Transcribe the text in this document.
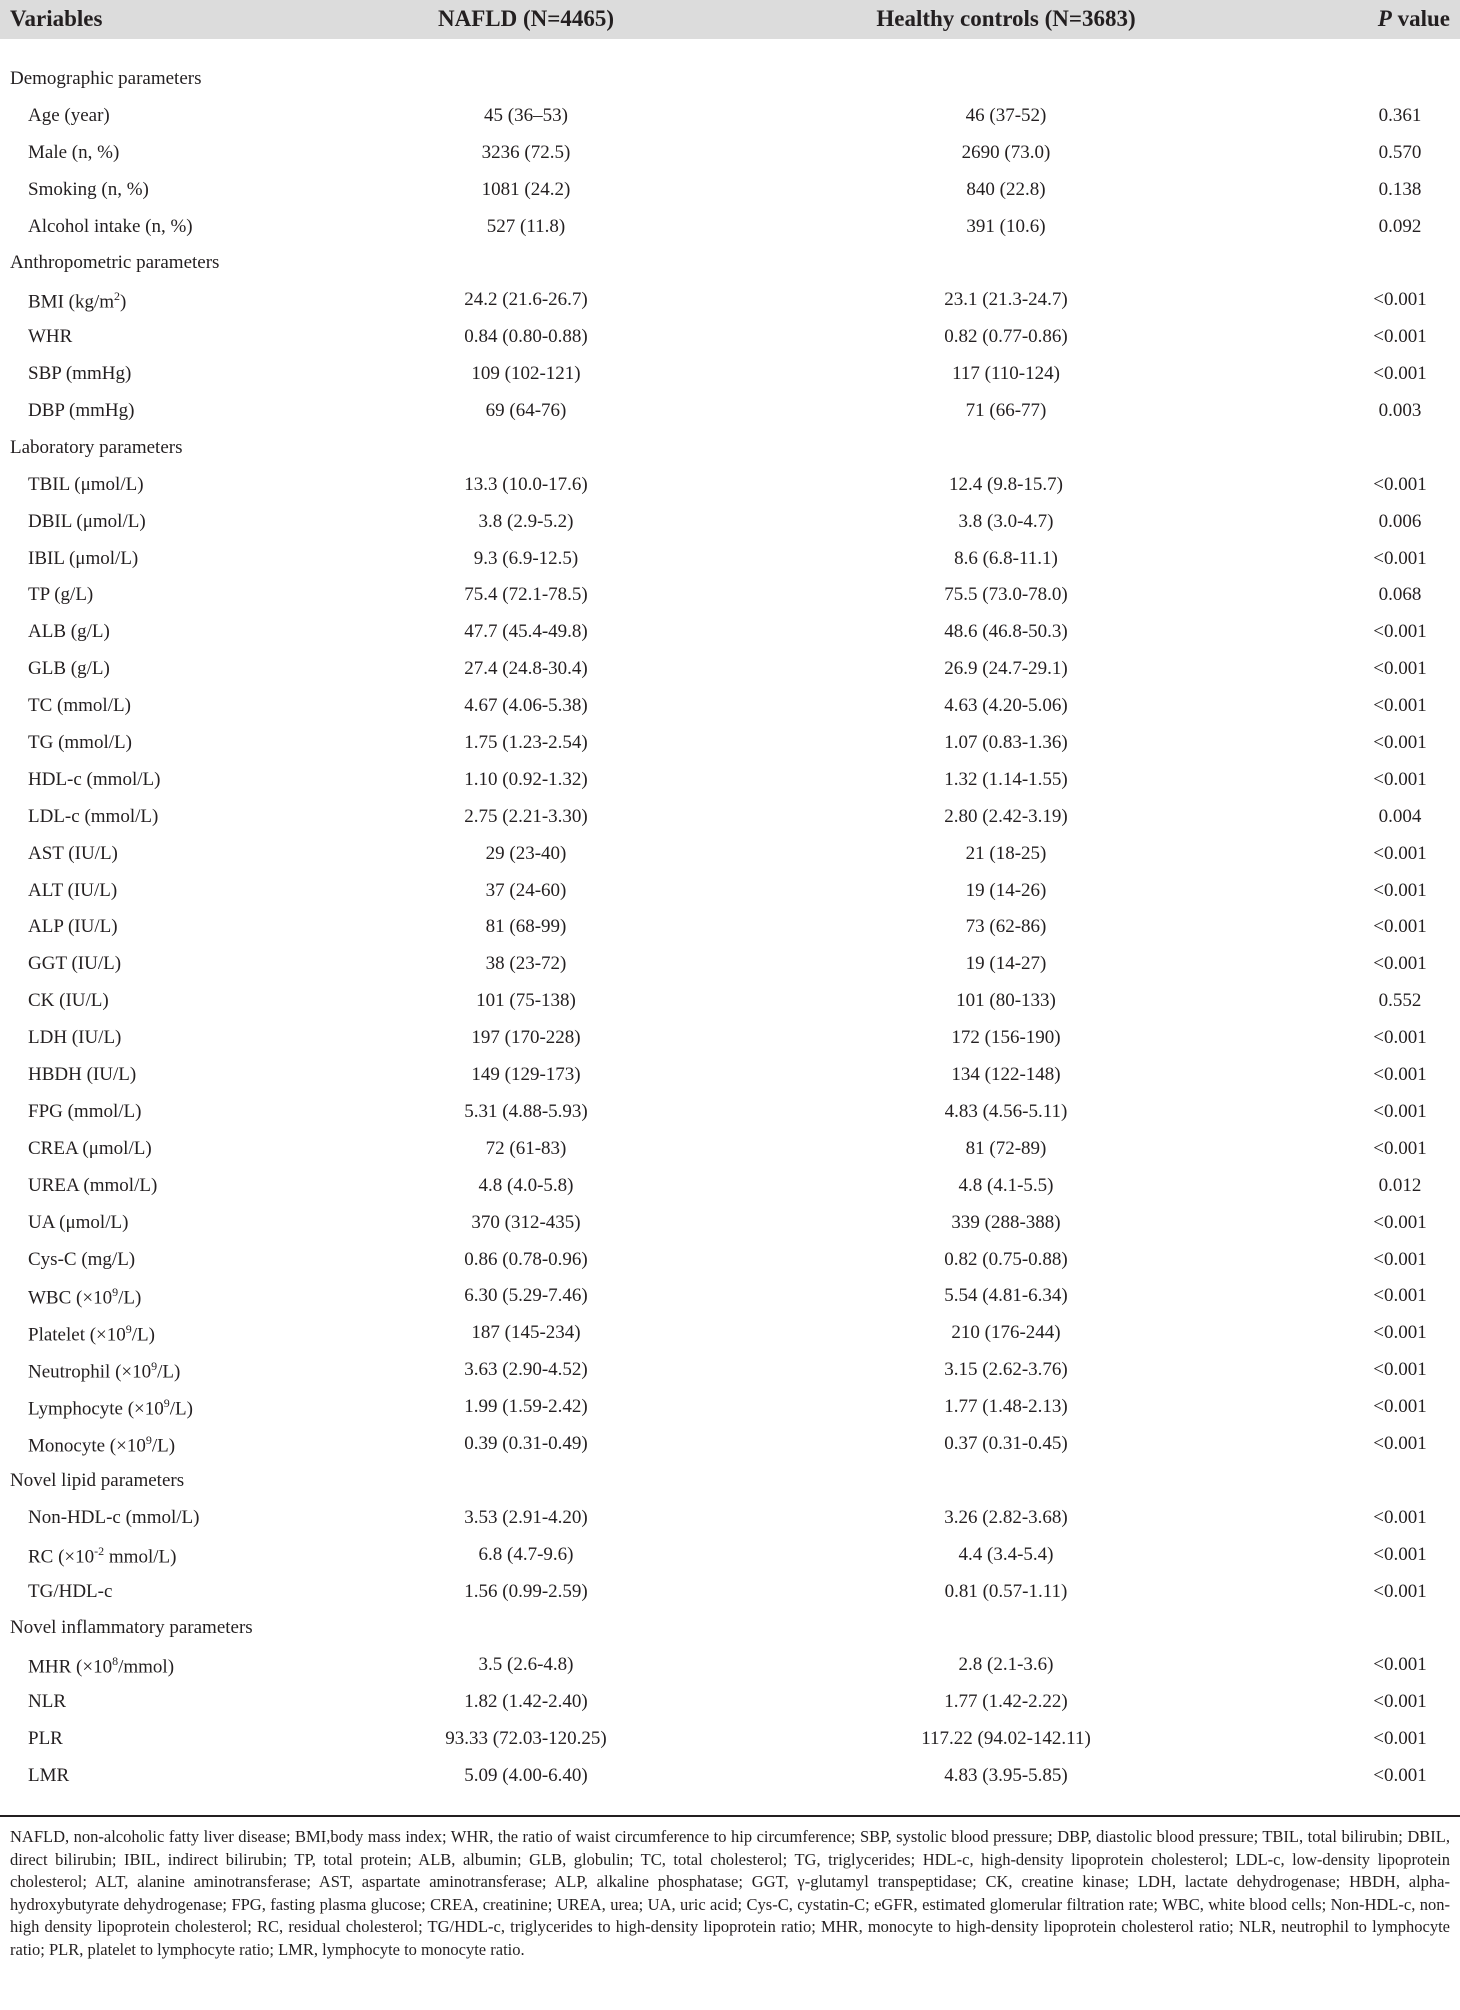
Variables	NAFLD (N=4465)	Healthy controls (N=3683)	P value
Demographic parameters
Age (year)	45 (36–53)	46 (37-52)	0.361
Male (n, %)	3236 (72.5)	2690 (73.0)	0.570
Smoking (n, %)	1081 (24.2)	840 (22.8)	0.138
Alcohol intake (n, %)	527 (11.8)	391 (10.6)	0.092
Anthropometric parameters
BMI $(kg/m^2)$	24.2 (21.6-26.7)	23.1 (21.3-24.7)	<0.001
WHR	0.84 (0.80-0.88)	0.82 (0.77-0.86)	<0.001
SBP (mmHg)	109 (102-121)	117 (110-124)	<0.001
DBP (mmHg)	69 (64-76)	71 (66-77)	0.003
Laboratory parameters
TBIL (μmol/L)	13.3 (10.0-17.6)	12.4 (9.8-15.7)	<0.001
DBIL (μmol/L)	3.8 (2.9-5.2)	3.8 (3.0-4.7)	0.006
IBIL (μmol/L)	9.3 (6.9-12.5)	8.6 (6.8-11.1)	<0.001
TP (g/L)	75.4 (72.1-78.5)	75.5 (73.0-78.0)	0.068
ALB (g/L)	47.7 (45.4-49.8)	48.6 (46.8-50.3)	<0.001
GLB (g/L)	27.4 (24.8-30.4)	26.9 (24.7-29.1)	<0.001
TC (mmol/L)	4.67 (4.06-5.38)	4.63 (4.20-5.06)	<0.001
TG (mmol/L)	1.75 (1.23-2.54)	1.07 (0.83-1.36)	<0.001
HDL-c (mmol/L)	1.10 (0.92-1.32)	1.32 (1.14-1.55)	<0.001
LDL-c (mmol/L)	2.75 (2.21-3.30)	2.80 (2.42-3.19)	0.004
AST (IU/L)	29 (23-40)	21 (18-25)	<0.001
ALT (IU/L)	37 (24-60)	19 (14-26)	<0.001
ALP (IU/L)	81 (68-99)	73 (62-86)	<0.001
GGT (IU/L)	38 (23-72)	19 (14-27)	<0.001
CK (IU/L)	101 (75-138)	101 (80-133)	0.552
LDH (IU/L)	197 (170-228)	172 (156-190)	<0.001
HBDH (IU/L)	149 (129-173)	134 (122-148)	<0.001
FPG (mmol/L)	5.31 (4.88-5.93)	4.83 (4.56-5.11)	<0.001
CREA (μmol/L)	72 (61-83)	81 (72-89)	<0.001
UREA (mmol/L)	4.8 (4.0-5.8)	4.8 (4.1-5.5)	0.012
UA (μmol/L)	370 (312-435)	339 (288-388)	<0.001
Cys-C (mg/L)	0.86 (0.78-0.96)	0.82 (0.75-0.88)	<0.001
WBC $(\times 10^9/L)$	6.30 (5.29-7.46)	5.54 (4.81-6.34)	<0.001
Platelet $(\times 10^9/L)$	187 (145-234)	210 (176-244)	<0.001
Neutrophil $(\times 10^9/L)$	3.63 (2.90-4.52)	3.15 (2.62-3.76)	<0.001
Lymphocyte $(\times 10^9/L)$	1.99 (1.59-2.42)	1.77 (1.48-2.13)	<0.001
Monocyte $(\times 10^9/L)$	0.39 (0.31-0.49)	0.37 (0.31-0.45)	<0.001
Novel lipid parameters
Non-HDL-c (mmol/L)	3.53 (2.91-4.20)	3.26 (2.82-3.68)	<0.001
RC ($\times 10^{-2}$ mmol/L)	6.8 (4.7-9.6)	4.4 (3.4-5.4)	<0.001
TG/HDL-c	1.56 (0.99-2.59)	0.81 (0.57-1.11)	<0.001
Novel inflammatory parameters
MHR $(\times 10^8/mmol)$	3.5 (2.6-4.8)	2.8 (2.1-3.6)	<0.001
NLR	1.82 (1.42-2.40)	1.77 (1.42-2.22)	<0.001
PLR	93.33 (72.03-120.25)	117.22 (94.02-142.11)	<0.001
LMR	5.09 (4.00-6.40)	4.83 (3.95-5.85)	<0.001
NAFLD, non-alcoholic fatty liver disease; BMI,body mass index; WHR, the ratio of waist circumference to hip circumference; SBP, systolic blood pressure; DBP, diastolic blood pressure; TBIL, total bilirubin; DBIL, direct bilirubin; IBIL, indirect bilirubin; TP, total protein; ALB, albumin; GLB, globulin; TC, total cholesterol; TG, triglycerides; HDL-c, high-density lipoprotein cholesterol; LDL-c, low-density lipoprotein cholesterol; ALT, alanine aminotransferase; AST, aspartate aminotransferase; ALP, alkaline phosphatase; GGT, γ-glutamyl transpeptidase; CK, creatine kinase; LDH, lactate dehydrogenase; HBDH, alpha-hydroxybutyrate dehydrogenase; FPG, fasting plasma glucose; CREA, creatinine; UREA, urea; UA, uric acid; Cys-C, cystatin-C; eGFR, estimated glomerular filtration rate; WBC, white blood cells; Non-HDL-c, non-high density lipoprotein cholesterol; RC, residual cholesterol; TG/HDL-c, triglycerides to high-density lipoprotein ratio; MHR, monocyte to high-density lipoprotein cholesterol ratio; NLR, neutrophil to lymphocyte ratio; PLR, platelet to lymphocyte ratio; LMR, lymphocyte to monocyte ratio.
